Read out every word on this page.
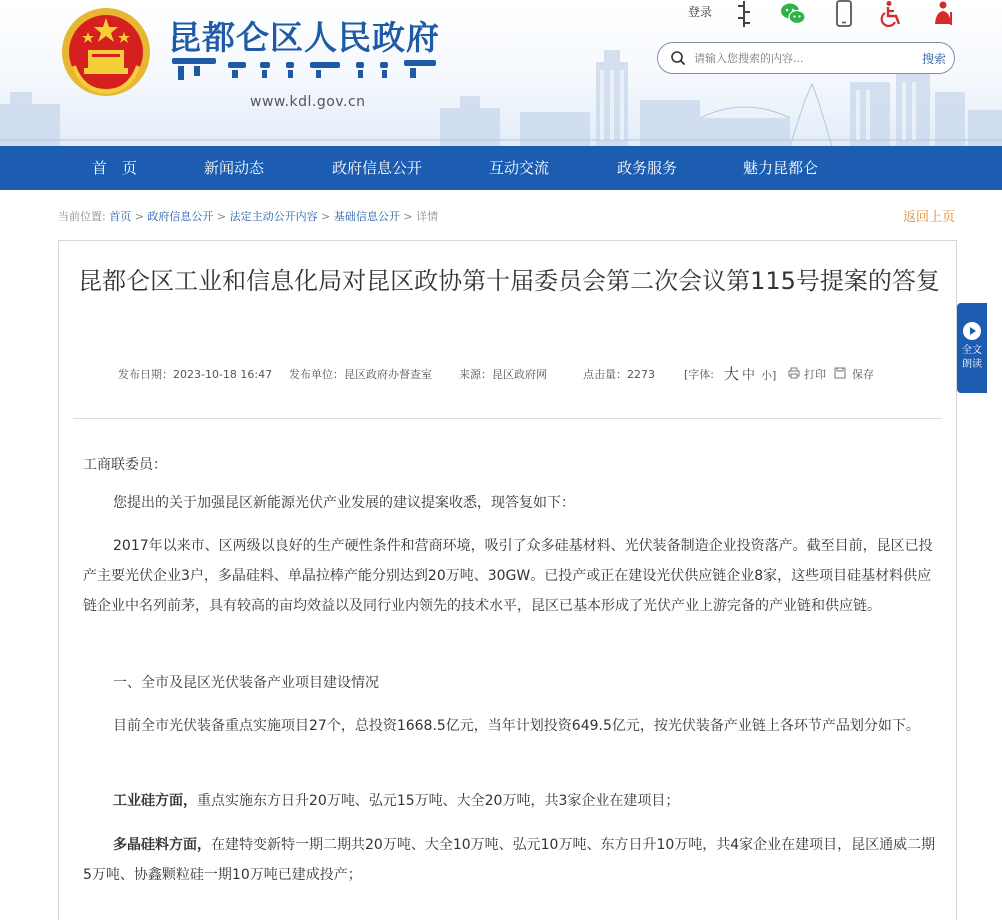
昆都仑区人民政府
www.kdl.gov.cn
登录
请输入您搜索的内容...
搜索
首　页	新闻动态	政府信息公开	互动交流	政务服务	魅力昆都仑
当前位置: 首页 > 政府信息公开 > 法定主动公开内容 > 基础信息公开 > 详情	返回上页
昆都仑区工业和信息化局对昆区政协第十届委员会第二次会议第115号提案的答复
发布日期：2023-10-18 16:47 发布单位：昆区政府办督查室 来源：昆区政府网	点击量：2273	[字体: 大 中 小]	打印 保存
工商联委员：
您提出的关于加强昆区新能源光伏产业发展的建议提案收悉，现答复如下：
2017年以来市、区两级以良好的生产硬性条件和营商环境，吸引了众多硅基材料、光伏装备制造企业投资落产。截至目前，昆区已投产主要光伏企业3户，多晶硅料、单晶拉棒产能分别达到20万吨、30GW。已投产或正在建设光伏供应链企业8家，这些项目硅基材料供应链企业中名列前茅，具有较高的亩均效益以及同行业内领先的技术水平，昆区已基本形成了光伏产业上游完备的产业链和供应链。
一、全市及昆区光伏装备产业项目建设情况
目前全市光伏装备重点实施项目27个，总投资1668.5亿元，当年计划投资649.5亿元，按光伏装备产业链上各环节产品划分如下。
工业硅方面，重点实施东方日升20万吨、弘元15万吨、大全20万吨，共3家企业在建项目；
多晶硅料方面，在建特变新特一期二期共20万吨、大全10万吨、弘元10万吨、东方日升10万吨，共4家企业在建项目，昆区通威二期5万吨、协鑫颗粒硅一期10万吨已建成投产；
全文朗读
